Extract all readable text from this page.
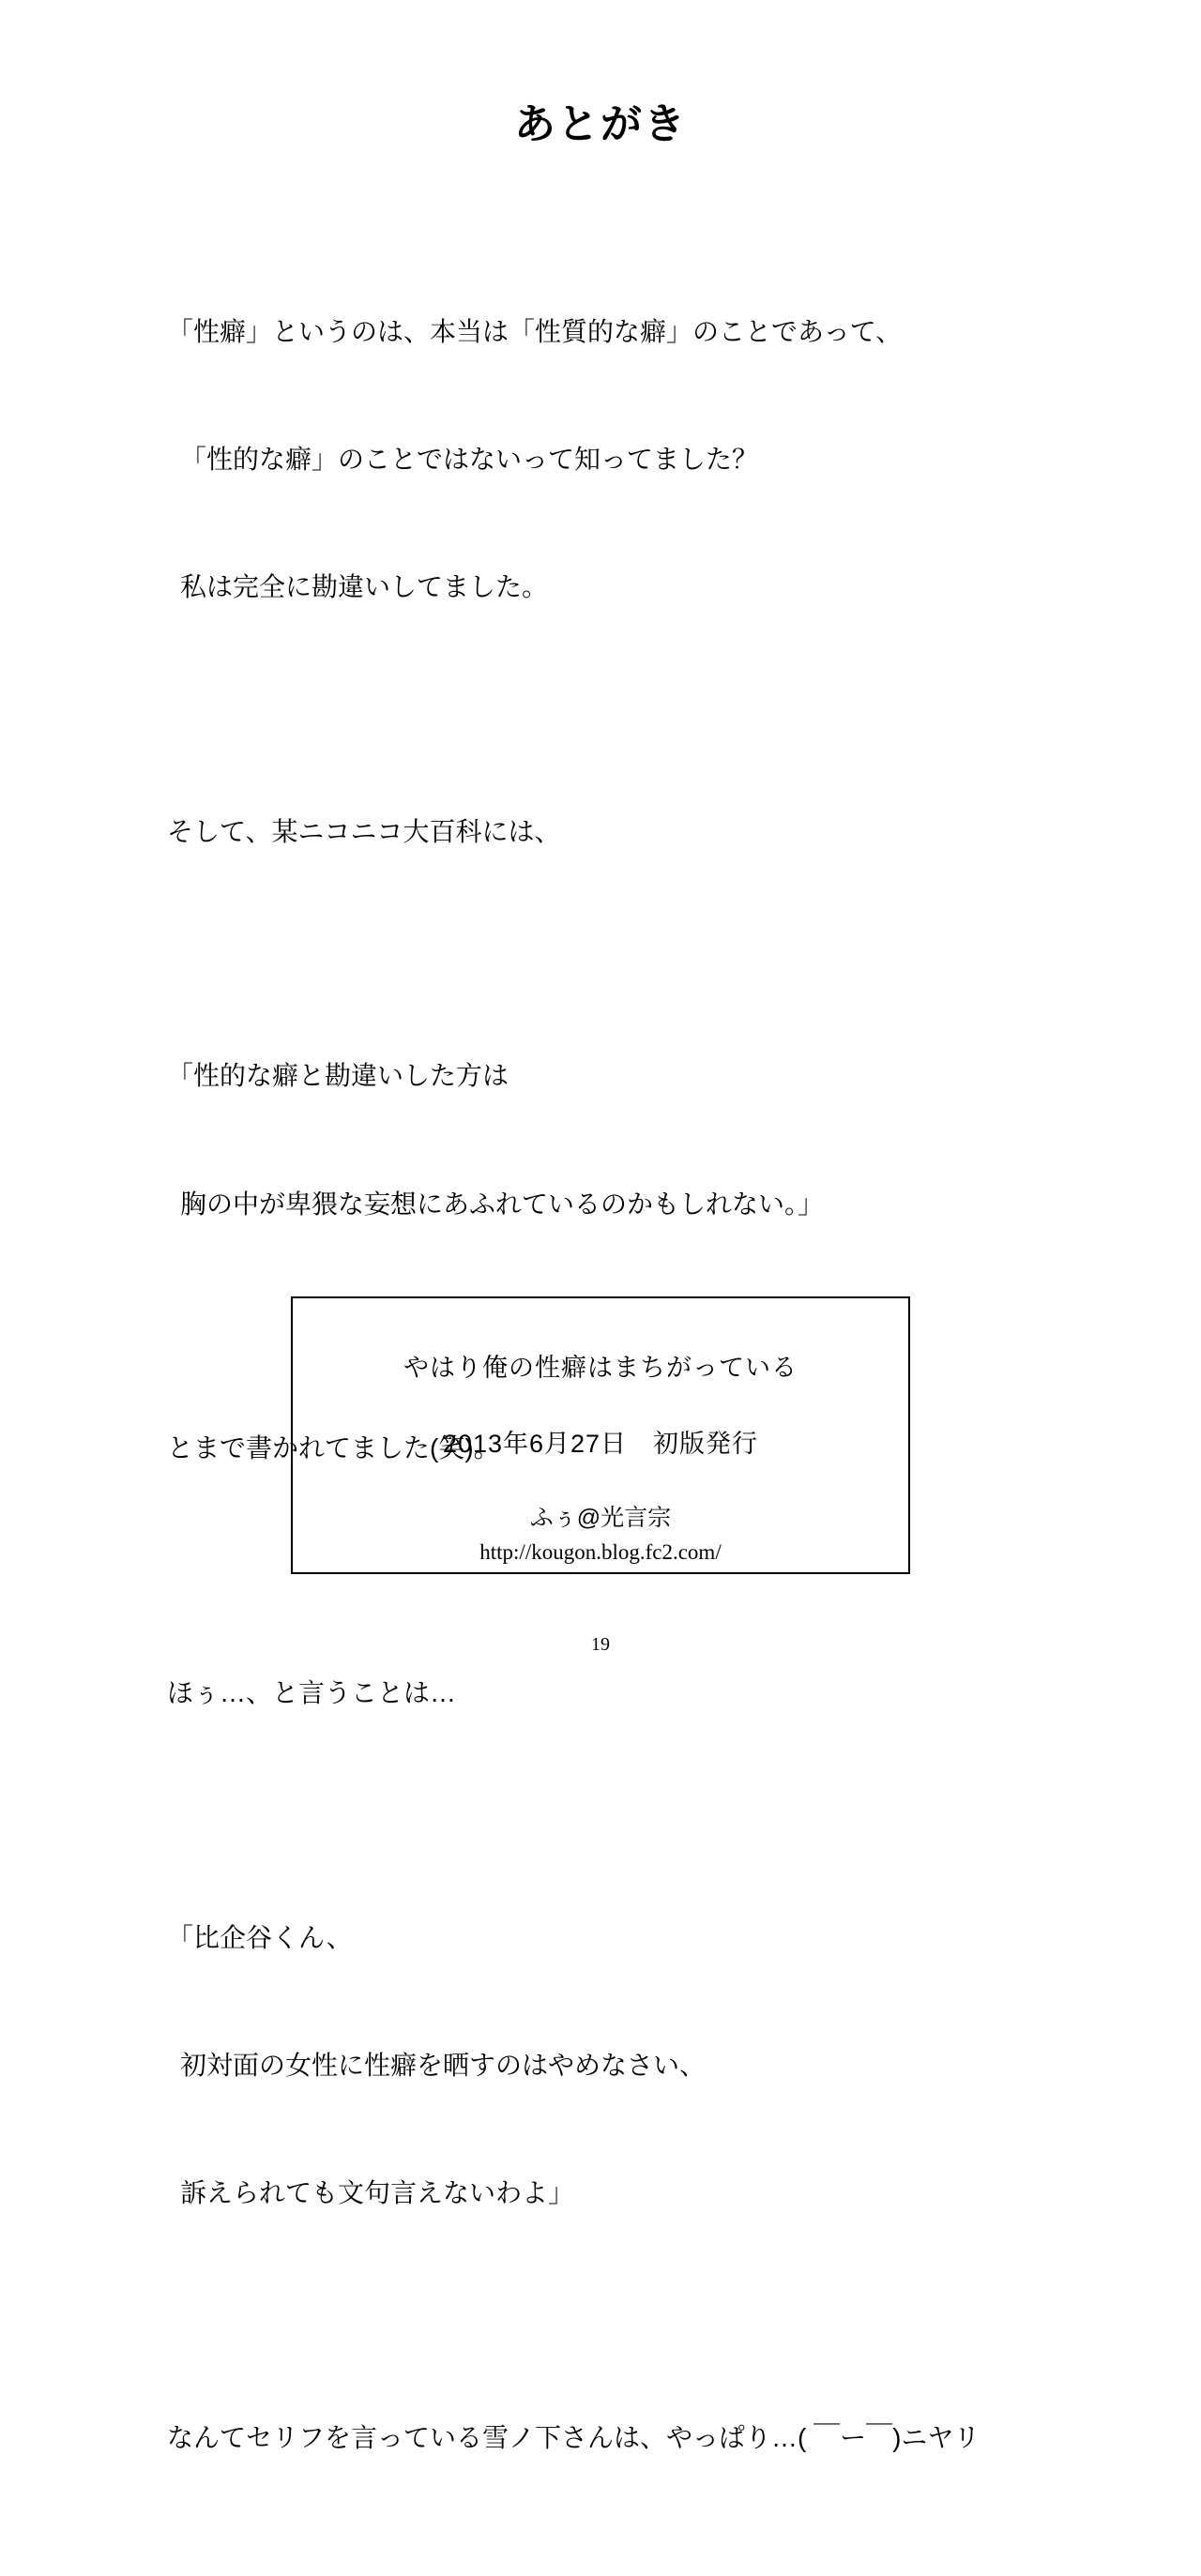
あとがき

「性癖」というのは、本当は「性質的な癖」のことであって、

「性的な癖」のことではないって知ってました？

私は完全に勘違いしてました。

そして、某ニコニコ大百科には、

「性的な癖と勘違いした方は

胸の中が卑猥な妄想にあふれているのかもしれない。」

とまで書かれてました(笑)。

ほぅ…、と言うことは…

「比企谷くん、

初対面の女性に性癖を晒すのはやめなさい、

訴えられても文句言えないわよ」

なんてセリフを言っている雪ノ下さんは、やっぱり…( ￣ー￣)ニヤリ

やはり俺の性癖はまちがっている
2013年6月27日　初版発行
ふぅ@光言宗
http://kougon.blog.fc2.com/
19
